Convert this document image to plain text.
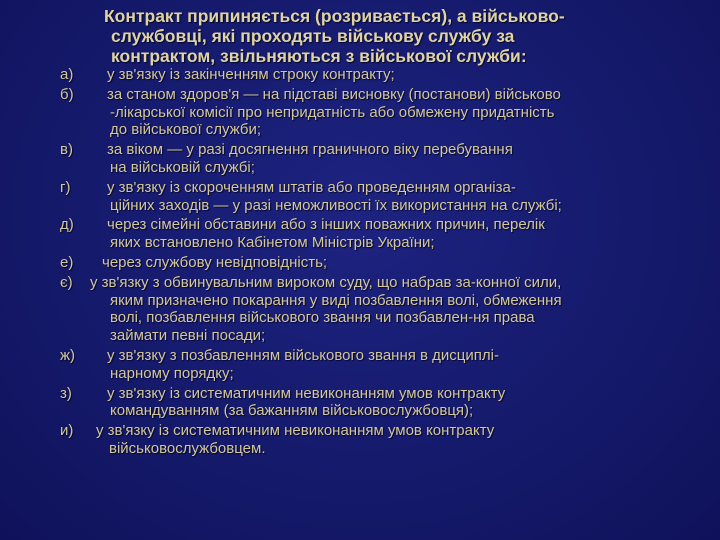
Контракт припиняється (розривається), а військово-
службовці, які проходять військову службу за
контрактом, звільняються з військової служби:
а)	у зв'язку із закінченням строку контракту;
б)	за станом здоров'я — на підставі висновку (постанови) військово
-лікарської комісії про непридатність або обмежену придатність
до військової служби;
в)	за віком — у разі досягнення граничного віку перебування
на військовій службі;
г)	у зв'язку із скороченням штатів або проведенням організа-
ційних заходів — у разі неможливості їх використання на службі;
д)	через сімейні обставини або з інших поважних причин, перелік
яких встановлено Кабінетом Міністрів України;
е)	через службову невідповідність;
є)	у зв'язку з обвинувальним вироком суду, що набрав за-конної сили,
яким призначено покарання у виді позбавлення волі, обмеження
волі, позбавлення військового звання чи позбавлен-ня права
займати певні посади;
ж)	у зв'язку з позбавленням військового звання в дисциплі-
нарному порядку;
з)	у зв'язку із систематичним невиконанням умов контракту
командуванням (за бажанням військовослужбовця);
и)	у зв'язку із систематичним невиконанням умов контракту
військовослужбовцем.
